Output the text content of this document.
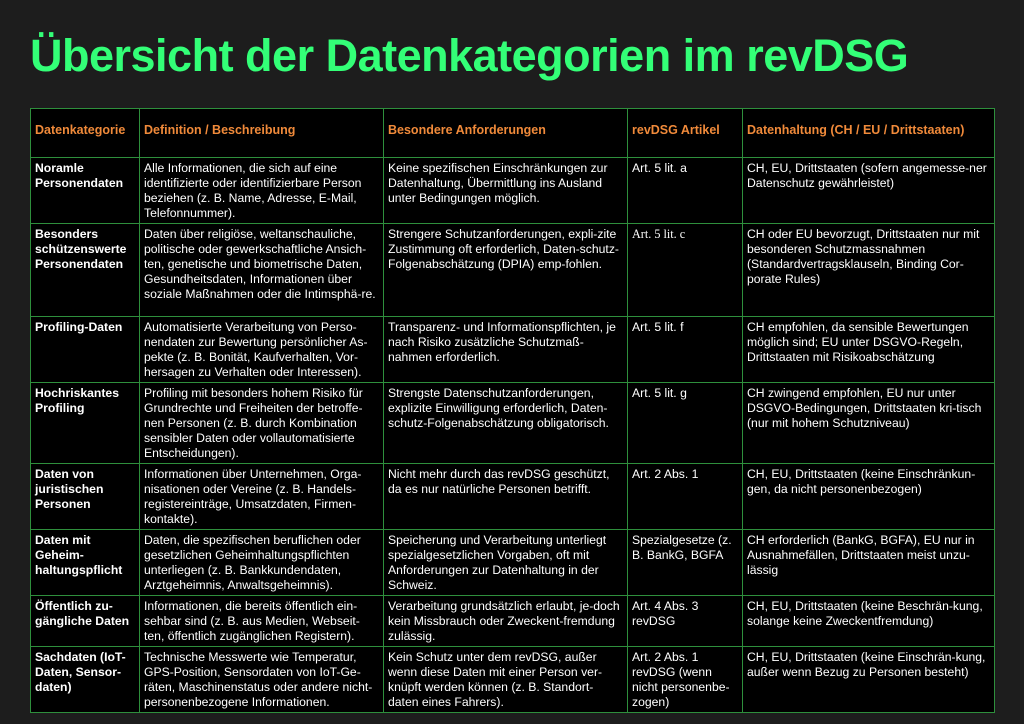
Übersicht der Datenkategorien im revDSG
Datenkategorie	Definition / Beschreibung	Besondere Anforderungen	revDSG Artikel	Datenhaltung (CH / EU / Drittstaaten)
Noramle Personendaten	Alle Informationen, die sich auf eine identifizierte oder identifizierbare Person beziehen (z. B. Name, Adresse, E-Mail, Telefonnummer).	Keine spezifischen Einschränkungen zur Datenhaltung, Übermittlung ins Ausland unter Bedingungen möglich.	Art. 5 lit. a	CH, EU, Drittstaaten (sofern angemesse-ner Datenschutz gewährleistet)
Besonders schützenswerte Personendaten	Daten über religiöse, weltanschauliche, politische oder gewerkschaftliche Ansich-ten, genetische und biometrische Daten, Gesundheitsdaten, Informationen über soziale Maßnahmen oder die Intimsphä-re.	Strengere Schutzanforderungen, expli-zite Zustimmung oft erforderlich, Daten-schutz-Folgenabschätzung (DPIA) emp-fohlen.	Art. 5 lit. c	CH oder EU bevorzugt, Drittstaaten nur mit besonderen Schutzmassnahmen (Standardvertragsklauseln, Binding Cor-porate Rules)
Profiling-Daten	Automatisierte Verarbeitung von Perso-nendaten zur Bewertung persönlicher As-pekte (z. B. Bonität, Kaufverhalten, Vor-hersagen zu Verhalten oder Interessen).	Transparenz- und Informationspflichten, je nach Risiko zusätzliche Schutzmaß-nahmen erforderlich.	Art. 5 lit. f	CH empfohlen, da sensible Bewertungen möglich sind; EU unter DSGVO-Regeln, Drittstaaten mit Risikoabschätzung
Hochriskantes Profiling	Profiling mit besonders hohem Risiko für Grundrechte und Freiheiten der betroffe-nen Personen (z. B. durch Kombination sensibler Daten oder vollautomatisierte Entscheidungen).	Strengste Datenschutzanforderungen, explizite Einwilligung erforderlich, Daten-schutz-Folgenabschätzung obligatorisch.	Art. 5 lit. g	CH zwingend empfohlen, EU nur unter DSGVO-Bedingungen, Drittstaaten kri-tisch (nur mit hohem Schutzniveau)
Daten von juristischen Personen	Informationen über Unternehmen, Orga-nisationen oder Vereine (z. B. Handels-registereinträge, Umsatzdaten, Firmen-kontakte).	Nicht mehr durch das revDSG geschützt, da es nur natürliche Personen betrifft.	Art. 2 Abs. 1	CH, EU, Drittstaaten (keine Einschränkun-gen, da nicht personenbezogen)
Daten mit Geheim-haltungspflicht	Daten, die spezifischen beruflichen oder gesetzlichen Geheimhaltungspflichten unterliegen (z. B. Bankkundendaten, Arztgeheimnis, Anwaltsgeheimnis).	Speicherung und Verarbeitung unterliegt spezialgesetzlichen Vorgaben, oft mit Anforderungen zur Datenhaltung in der Schweiz.	Spezialgesetze (z. B. BankG, BGFA	CH erforderlich (BankG, BGFA), EU nur in Ausnahmefällen, Drittstaaten meist unzu-lässig
Öffentlich zu-gängliche Daten	Informationen, die bereits öffentlich ein-sehbar sind (z. B. aus Medien, Webseit-ten, öffentlich zugänglichen Registern).	Verarbeitung grundsätzlich erlaubt, je-doch kein Missbrauch oder Zweckent-fremdung zulässig.	Art. 4 Abs. 3 revDSG	CH, EU, Drittstaaten (keine Beschrän-kung, solange keine Zweckentfremdung)
Sachdaten (IoT-Daten, Sensor-daten)	Technische Messwerte wie Temperatur, GPS-Position, Sensordaten von IoT-Ge-räten, Maschinenstatus oder andere nicht-personenbezogene Informationen.	Kein Schutz unter dem revDSG, außer wenn diese Daten mit einer Person ver-knüpft werden können (z. B. Standort-daten eines Fahrers).	Art. 2 Abs. 1 revDSG (wenn nicht personenbe-zogen)	CH, EU, Drittstaaten (keine Einschrän-kung, außer wenn Bezug zu Personen besteht)
